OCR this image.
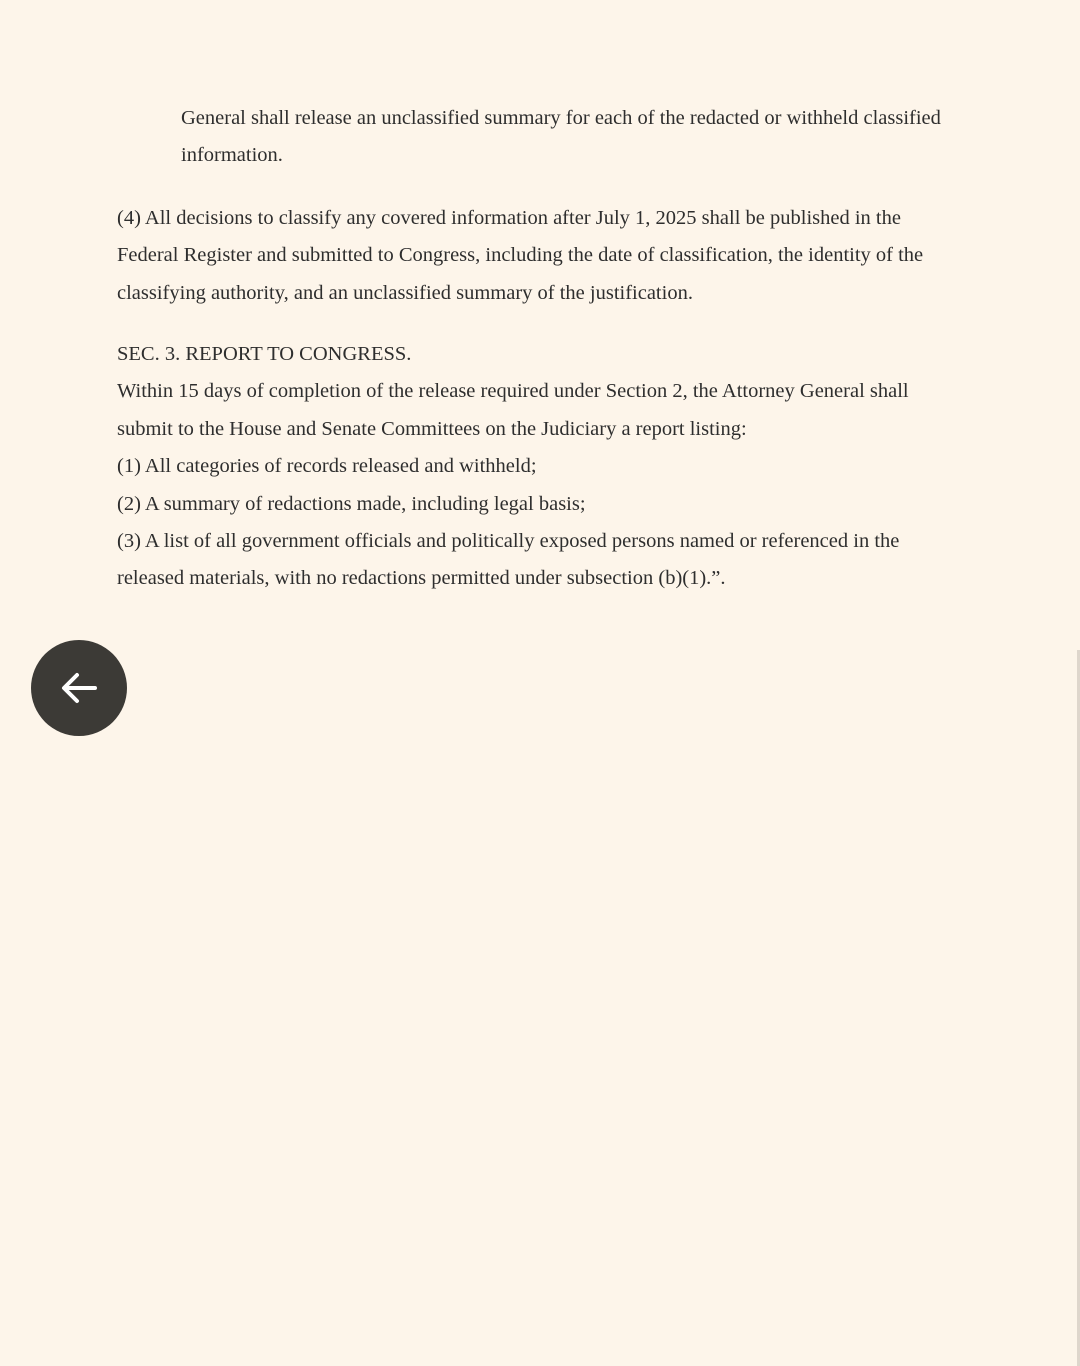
General shall release an unclassified summary for each of the redacted or withheld classified information.

(4) All decisions to classify any covered information after July 1, 2025 shall be published in the Federal Register and submitted to Congress, including the date of classification, the identity of the classifying authority, and an unclassified summary of the justification.

SEC. 3. REPORT TO CONGRESS.

Within 15 days of completion of the release required under Section 2, the Attorney General shall submit to the House and Senate Committees on the Judiciary a report listing:

(1) All categories of records released and withheld;

(2) A summary of redactions made, including legal basis;

(3) A list of all government officials and politically exposed persons named or referenced in the released materials, with no redactions permitted under subsection (b)(1).”.
